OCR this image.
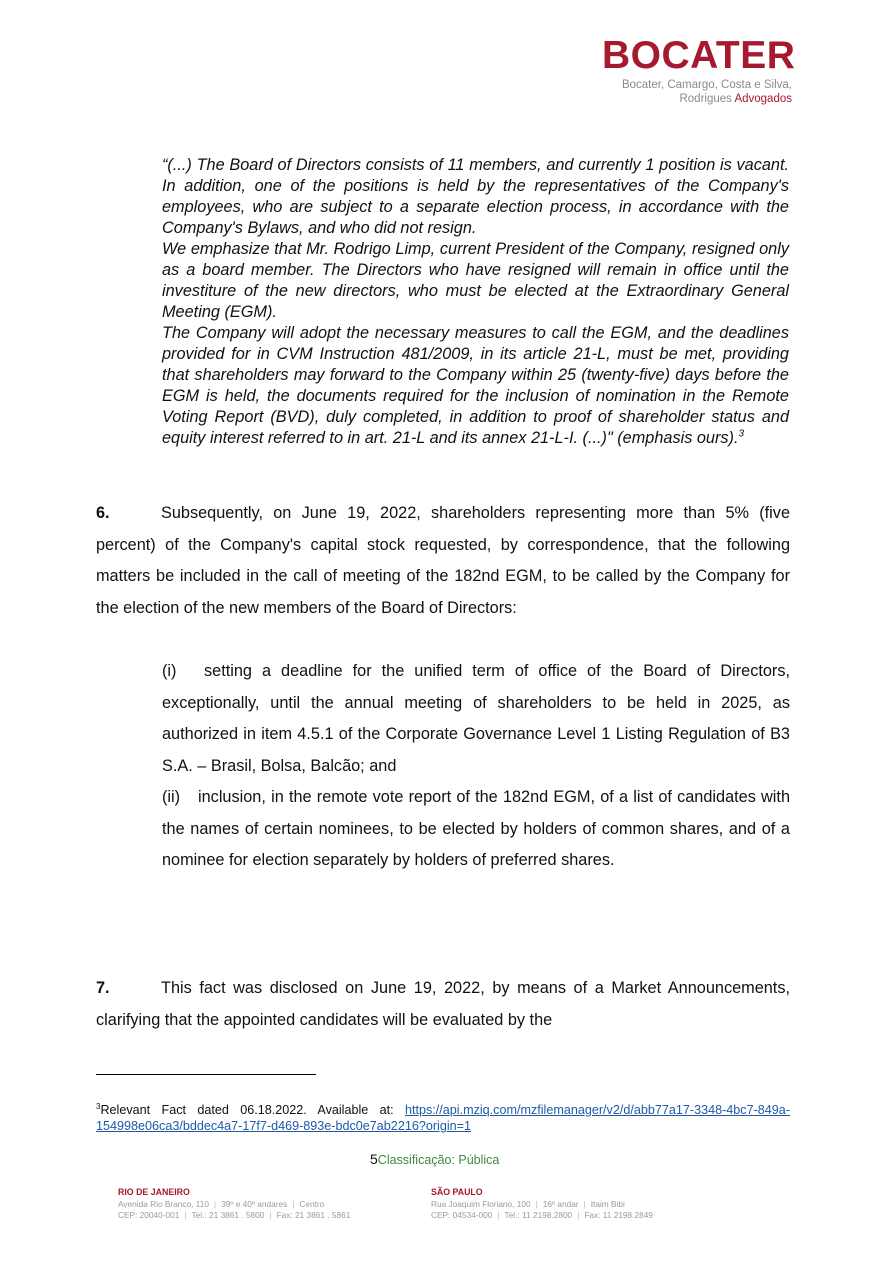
BOCATER
Bocater, Camargo, Costa e Silva,
Rodrigues Advogados

“(...) The Board of Directors consists of 11 members, and currently 1 position is vacant. In addition, one of the positions is held by the representatives of the Company's employees, who are subject to a separate election process, in accordance with the Company's Bylaws, and who did not resign.

We emphasize that Mr. Rodrigo Limp, current President of the Company, resigned only as a board member. The Directors who have resigned will remain in office until the investiture of the new directors, who must be elected at the Extraordinary General Meeting (EGM).

The Company will adopt the necessary measures to call the EGM, and the deadlines provided for in CVM Instruction 481/2009, in its article 21-L, must be met, providing that shareholders may forward to the Company within 25 (twenty-five) days before the EGM is held, the documents required for the inclusion of nomination in the Remote Voting Report (BVD), duly completed, in addition to proof of shareholder status and equity interest referred to in art. 21-L and its annex 21-L-I. (...)" (emphasis ours).$^3$

6.	Subsequently, on June 19, 2022, shareholders representing more than 5% (five percent) of the Company's capital stock requested, by correspondence, that the following matters be included in the call of meeting of the 182nd EGM, to be called by the Company for the election of the new members of the Board of Directors:

(i) setting a deadline for the unified term of office of the Board of Directors, exceptionally, until the annual meeting of shareholders to be held in 2025, as authorized in item 4.5.1 of the Corporate Governance Level 1 Listing Regulation of B3 S.A. – Brasil, Bolsa, Balcão; and

(ii) inclusion, in the remote vote report of the 182nd EGM, of a list of candidates with the names of certain nominees, to be elected by holders of common shares, and of a nominee for election separately by holders of preferred shares.

7.	This fact was disclosed on June 19, 2022, by means of a Market Announcements, clarifying that the appointed candidates will be evaluated by the

$^3$Relevant Fact dated 06.18.2022. Available at: https://api.mziq.com/mzfilemanager/v2/d/abb77a17-3348-4bc7-849a-154998e06ca3/bddec4a7-17f7-d469-893e-bdc0e7ab2216?origin=1
5Classificação: Pública
RIO DE JANEIRO
Avenida Rio Branco, 110 | 39º e 40º andares | Centro
CEP: 20040-001 | Tel.: 21 3861 . 5800 | Fax: 21 3861 . 5861
SÃO PAULO
Rua Joaquim Floriano, 100 | 16º andar | Itaim Bibi
CEP: 04534-000 | Tel.: 11 2198.2800 | Fax: 11 2198.2849
